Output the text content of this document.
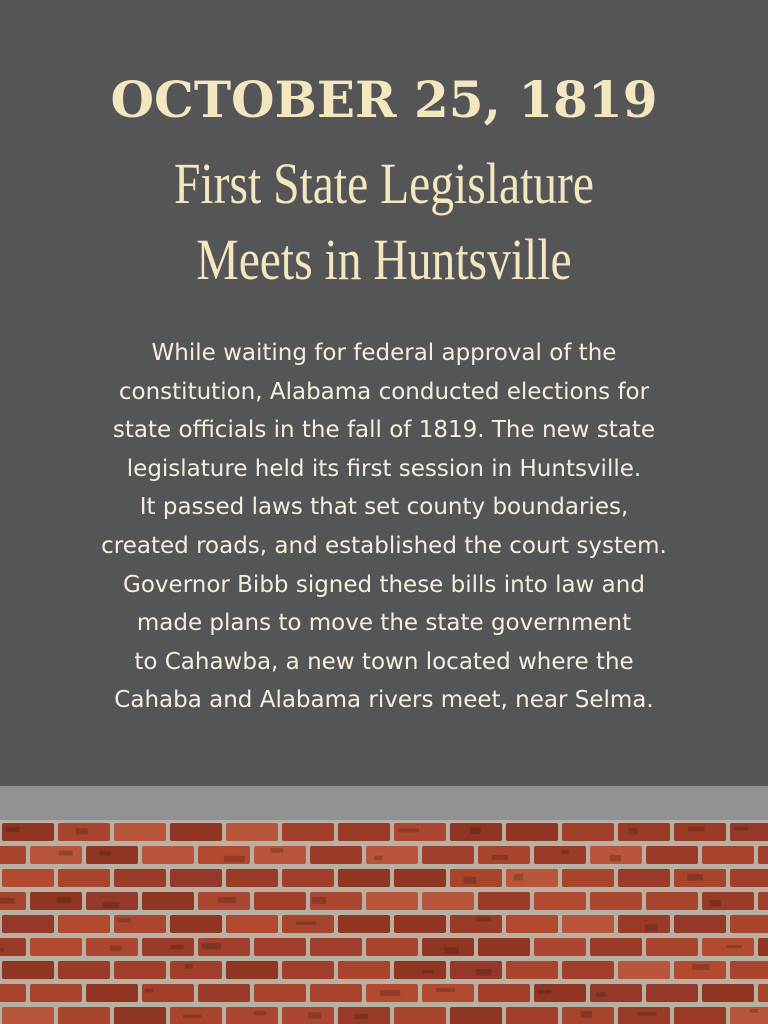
OCTOBER 25, 1819
First State Legislature
Meets in Huntsville
While waiting for federal approval of the
constitution, Alabama conducted elections for
state officials in the fall of 1819. The new state
legislature held its first session in Huntsville.
It passed laws that set county boundaries,
created roads, and established the court system.
Governor Bibb signed these bills into law and
made plans to move the state government
to Cahawba, a new town located where the
Cahaba and Alabama rivers meet, near Selma.
